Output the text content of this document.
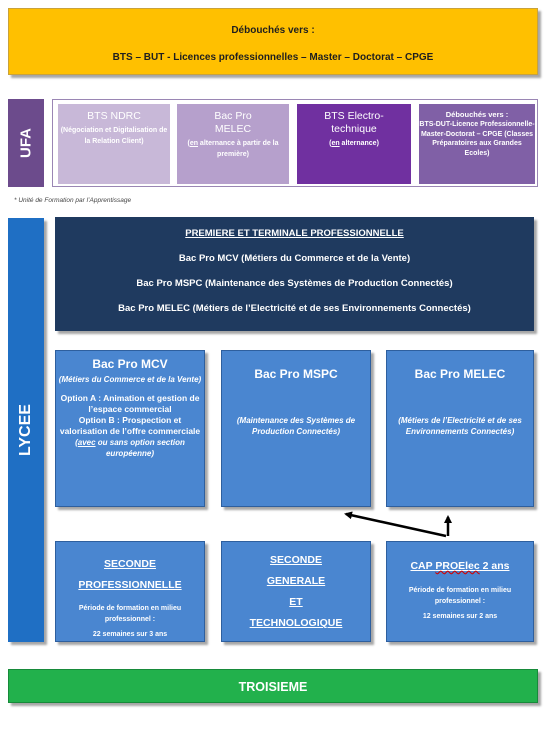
Débouchés vers :
BTS – BUT - Licences professionnelles – Master – Doctorat – CPGE
UFA
BTS NDRC
(Négociation et Digitalisation de la Relation Client)
Bac Pro MELEC
(en alternance à partir de la première)
BTS Electro-technique
(en alternance)
Débouchés vers :
BTS-DUT-Licence Professionnelle-Master-Doctorat – CPGE (Classes Préparatoires aux Grandes Ecoles)
* Unité de Formation par l’Apprentissage
LYCEE
PREMIERE ET TERMINALE PROFESSIONNELLE
Bac Pro MCV (Métiers du Commerce et de la Vente)
Bac Pro MSPC (Maintenance des Systèmes de Production Connectés)
Bac Pro MELEC (Métiers de l’Electricité et de ses Environnements Connectés)
Bac Pro MCV
(Métiers du Commerce et de la Vente)
Option A : Animation et gestion de l’espace commercial
Option B : Prospection et valorisation de l’offre commerciale
(avec ou sans option section européenne)
Bac Pro MSPC
(Maintenance des Systèmes de Production Connectés)
Bac Pro MELEC
(Métiers de l’Electricité et de ses Environnements Connectés)
SECONDE
PROFESSIONNELLE
Période de formation en milieu professionnel :
22 semaines sur 3 ans
SECONDE
GENERALE
ET
TECHNOLOGIQUE
CAP PROElec 2 ans
Période de formation en milieu professionnel :
12 semaines sur 2 ans
TROISIEME
